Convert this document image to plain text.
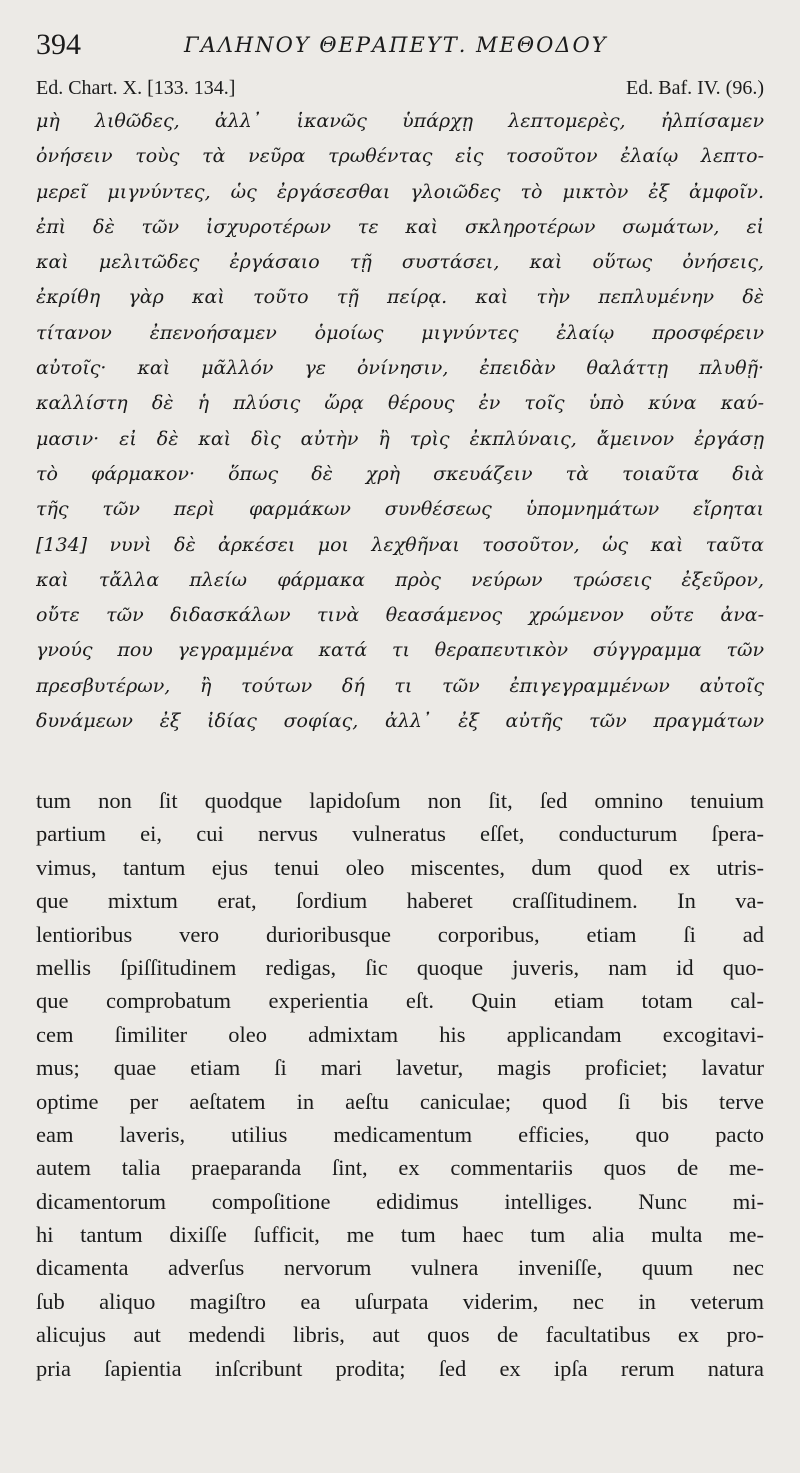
394	ΓΑΛΗΝΟΥ ΘΕΡΑΠΕΥΤ. ΜΕΘΟΔΟΥ
Ed. Chart. X. [133. 134.]	Ed. Baf. IV. (96.)
μὴ λιθῶδες, ἀλλ᾽ ἱκανῶς ὑπάρχῃ λεπτομερὲς, ἠλπίσαμεν
ὀνήσειν τοὺς τὰ νεῦρα τρωθέντας εἰς τοσοῦτον ἐλαίῳ λεπτο-
μερεῖ μιγνύντες, ὡς ἐργάσεσθαι γλοιῶδες τὸ μικτὸν ἐξ ἀμφοῖν.
ἐπὶ δὲ τῶν ἰσχυροτέρων τε καὶ σκληροτέρων σωμάτων, εἰ
καὶ μελιτῶδες ἐργάσαιο τῇ συστάσει, καὶ οὕτως ὀνήσεις,
ἐκρίθη γὰρ καὶ τοῦτο τῇ πείρᾳ. καὶ τὴν πεπλυμένην δὲ
τίτανον ἐπενοήσαμεν ὁμοίως μιγνύντες ἐλαίῳ προσφέρειν
αὐτοῖς· καὶ μᾶλλόν γε ὀνίνησιν, ἐπειδὰν θαλάττῃ πλυθῇ·
καλλίστη δὲ ἡ πλύσις ὥρᾳ θέρους ἐν τοῖς ὑπὸ κύνα καύ-
μασιν· εἰ δὲ καὶ δὶς αὐτὴν ἢ τρὶς ἐκπλύναις, ἄμεινον ἐργάσῃ
τὸ φάρμακον· ὅπως δὲ χρὴ σκευάζειν τὰ τοιαῦτα διὰ
τῆς τῶν περὶ φαρμάκων συνθέσεως ὑπομνημάτων εἴρηται
[134] νυνὶ δὲ ἀρκέσει μοι λεχθῆναι τοσοῦτον, ὡς καὶ ταῦτα
καὶ τἄλλα πλείω φάρμακα πρὸς νεύρων τρώσεις ἐξεῦρον,
οὔτε τῶν διδασκάλων τινὰ θεασάμενος χρώμενον οὔτε ἀνα-
γνούς που γεγραμμένα κατά τι θεραπευτικὸν σύγγραμμα τῶν
πρεσβυτέρων, ἢ τούτων δή τι τῶν ἐπιγεγραμμένων αὐτοῖς
δυνάμεων ἐξ ἰδίας σοφίας, ἀλλ᾽ ἐξ αὐτῆς τῶν πραγμάτων
tum non ſit quodque lapidoſum non ſit, ſed omnino tenuium
partium ei, cui nervus vulneratus eſſet, conducturum ſpera-
vimus, tantum ejus tenui oleo miscentes, dum quod ex utris-
que mixtum erat, ſordium haberet craſſitudinem. In va-
lentioribus vero durioribusque corporibus, etiam ſi ad
mellis ſpiſſitudinem redigas, ſic quoque juveris, nam id quo-
que comprobatum experientia eſt. Quin etiam totam cal-
cem ſimiliter oleo admixtam his applicandam excogitavi-
mus; quae etiam ſi mari lavetur, magis proficiet; lavatur
optime per aeſtatem in aeſtu caniculae; quod ſi bis terve
eam laveris, utilius medicamentum efficies, quo pacto
autem talia praeparanda ſint, ex commentariis quos de me-
dicamentorum compoſitione edidimus intelliges. Nunc mi-
hi tantum dixiſſe ſufficit, me tum haec tum alia multa me-
dicamenta adverſus nervorum vulnera inveniſſe, quum nec
ſub aliquo magiſtro ea uſurpata viderim, nec in veterum
alicujus aut medendi libris, aut quos de facultatibus ex pro-
pria ſapientia inſcribunt prodita; ſed ex ipſa rerum natura
